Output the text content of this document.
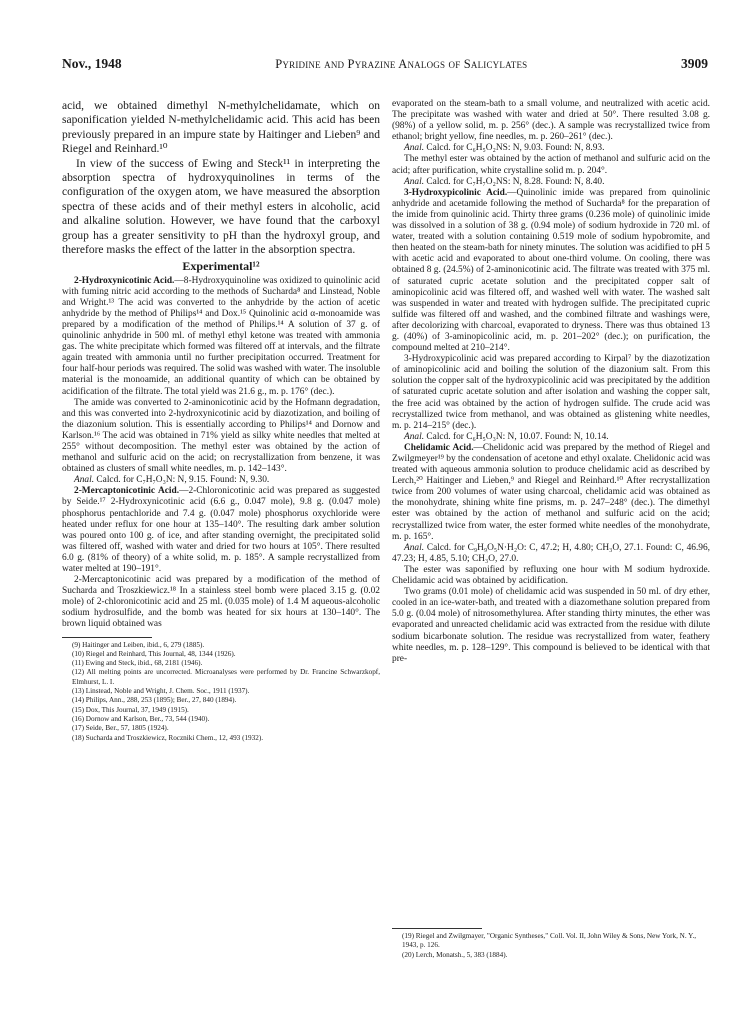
Nov., 1948	Pyridine and Pyrazine Analogs of Salicylates	3909

acid, we obtained dimethyl N-methylchelidamate, which on saponification yielded N-methylchelidamic acid. This acid has been previously prepared in an impure state by Haitinger and Lieben⁹ and Riegel and Reinhard.¹⁰

In view of the success of Ewing and Steck¹¹ in interpreting the absorption spectra of hydroxyquinolines in terms of the configuration of the oxygen atom, we have measured the absorption spectra of these acids and of their methyl esters in alcoholic, acid and alkaline solution. However, we have found that the carboxyl group has a greater sensitivity to pH than the hydroxyl group, and therefore masks the effect of the latter in the absorption spectra.

Experimental¹²

2-Hydroxynicotinic Acid.—8-Hydroxyquinoline was oxidized to quinolinic acid with fuming nitric acid according to the methods of Sucharda⁸ and Linstead, Noble and Wright.¹³ The acid was converted to the anhydride by the action of acetic anhydride by the method of Philips¹⁴ and Dox.¹⁵ Quinolinic acid α-monoamide was prepared by a modification of the method of Philips.¹⁴ A solution of 37 g. of quinolinic anhydride in 500 ml. of methyl ethyl ketone was treated with ammonia gas. The white precipitate which formed was filtered off at intervals, and the filtrate again treated with ammonia until no further precipitation occurred. Treatment for four half-hour periods was required. The solid was washed with water. The insoluble material is the monoamide, an additional quantity of which can be obtained by acidification of the filtrate. The total yield was 21.6 g., m. p. 176° (dec.).

The amide was converted to 2-aminonicotinic acid by the Hofmann degradation, and this was converted into 2-hydroxynicotinic acid by diazotization, and boiling of the diazonium solution. This is essentially according to Philips¹⁴ and Dornow and Karlson.¹⁶ The acid was obtained in 71% yield as silky white needles that melted at 255° without decomposition. The methyl ester was obtained by the action of methanol and sulfuric acid on the acid; on recrystallization from benzene, it was obtained as clusters of small white needles, m. p. 142–143°.

Anal. Calcd. for C₇H₇O₃N: N, 9.15. Found: N, 9.30.

2-Mercaptonicotinic Acid.—2-Chloronicotinic acid was prepared as suggested by Seide.¹⁷ 2-Hydroxynicotinic acid (6.6 g., 0.047 mole), 9.8 g. (0.047 mole) phosphorus pentachloride and 7.4 g. (0.047 mole) phosphorus oxychloride were heated under reflux for one hour at 135–140°. The resulting dark amber solution was poured onto 100 g. of ice, and after standing overnight, the precipitated solid was filtered off, washed with water and dried for two hours at 105°. There resulted 6.0 g. (81% of theory) of a white solid, m. p. 185°. A sample recrystallized from water melted at 190–191°.

2-Mercaptonicotinic acid was prepared by a modification of the method of Sucharda and Troszkiewicz.¹⁸ In a stainless steel bomb were placed 3.15 g. (0.02 mole) of 2-chloronicotinic acid and 25 ml. (0.035 mole) of 1.4 M aqueous-alcoholic sodium hydrosulfide, and the bomb was heated for six hours at 130–140°. The brown liquid obtained was

(9) Haitinger and Leiben, ibid., 6, 279 (1885).

(10) Riegel and Reinhard, This Journal, 48, 1344 (1926).

(11) Ewing and Steck, ibid., 68, 2181 (1946).

(12) All melting points are uncorrected. Microanalyses were performed by Dr. Francine Schwarzkopf, Elmhurst, L. I.

(13) Linstead, Noble and Wright, J. Chem. Soc., 1911 (1937).

(14) Philips, Ann., 288, 253 (1895); Ber., 27, 840 (1894).

(15) Dox, This Journal, 37, 1949 (1915).

(16) Dornow and Karlson, Ber., 73, 544 (1940).

(17) Seide, Ber., 57, 1805 (1924).

(18) Sucharda and Troszkiewicz, Roczniki Chem., 12, 493 (1932).

evaporated on the steam-bath to a small volume, and neutralized with acetic acid. The precipitate was washed with water and dried at 50°. There resulted 3.08 g. (98%) of a yellow solid, m. p. 256° (dec.). A sample was recrystallized twice from ethanol; bright yellow, fine needles, m. p. 260–261° (dec.).

Anal. Calcd. for C₆H₅O₂NS: N, 9.03. Found: N, 8.93.

The methyl ester was obtained by the action of methanol and sulfuric acid on the acid; after purification, white crystalline solid m. p. 204°.

Anal. Calcd. for C₇H₇O₂NS: N, 8.28. Found: N, 8.40.

3-Hydroxypicolinic Acid.—Quinolinic imide was prepared from quinolinic anhydride and acetamide following the method of Sucharda⁸ for the preparation of the imide from quinolinic acid. Thirty three grams (0.236 mole) of quinolinic imide was dissolved in a solution of 38 g. (0.94 mole) of sodium hydroxide in 720 ml. of water, treated with a solution containing 0.519 mole of sodium hypobromite, and then heated on the steam-bath for ninety minutes. The solution was acidified to pH 5 with acetic acid and evaporated to about one-third volume. On cooling, there was obtained 8 g. (24.5%) of 2-aminonicotinic acid. The filtrate was treated with 375 ml. of saturated cupric acetate solution and the precipitated copper salt of aminopicolinic acid was filtered off, and washed well with water. The washed salt was suspended in water and treated with hydrogen sulfide. The precipitated cupric sulfide was filtered off and washed, and the combined filtrate and washings were, after decolorizing with charcoal, evaporated to dryness. There was thus obtained 13 g. (40%) of 3-aminopicolinic acid, m. p. 201–202° (dec.); on purification, the compound melted at 210–214°.

3-Hydroxypicolinic acid was prepared according to Kirpal⁷ by the diazotization of aminopicolinic acid and boiling the solution of the diazonium salt. From this solution the copper salt of the hydroxypicolinic acid was precipitated by the addition of saturated cupric acetate solution and after isolation and washing the copper salt, the free acid was obtained by the action of hydrogen sulfide. The crude acid was recrystallized twice from methanol, and was obtained as glistening white needles, m. p. 214–215° (dec.).

Anal. Calcd. for C₆H₅O₃N: N, 10.07. Found: N, 10.14.

Chelidamic Acid.—Chelidonic acid was prepared by the method of Riegel and Zwilgmeyer¹⁹ by the condensation of acetone and ethyl oxalate. Chelidonic acid was treated with aqueous ammonia solution to produce chelidamic acid as described by Lerch,²⁰ Haitinger and Lieben,⁹ and Riegel and Reinhard.¹⁰ After recrystallization twice from 200 volumes of water using charcoal, chelidamic acid was obtained as the monohydrate, shining white fine prisms, m. p. 247–248° (dec.). The dimethyl ester was obtained by the action of methanol and sulfuric acid on the acid; recrystallized twice from water, the ester formed white needles of the monohydrate, m. p. 165°.

Anal. Calcd. for C₉H₉O₅N·H₂O: C, 47.2; H, 4.80; CH₃O, 27.1. Found: C, 46.96, 47.23; H, 4.85, 5.10; CH₃O, 27.0.

The ester was saponified by refluxing one hour with M sodium hydroxide. Chelidamic acid was obtained by acidification.

Two grams (0.01 mole) of chelidamic acid was suspended in 50 ml. of dry ether, cooled in an ice-water-bath, and treated with a diazomethane solution prepared from 5.0 g. (0.04 mole) of nitrosomethylurea. After standing thirty minutes, the ether was evaporated and unreacted chelidamic acid was extracted from the residue with dilute sodium bicarbonate solution. The residue was recrystallized from water, feathery white needles, m. p. 128–129°. This compound is believed to be identical with that pre-

(19) Riegel and Zwilgmayer, "Organic Syntheses," Coll. Vol. II, John Wiley & Sons, New York, N. Y., 1943, p. 126.

(20) Lerch, Monatsh., 5, 383 (1884).
